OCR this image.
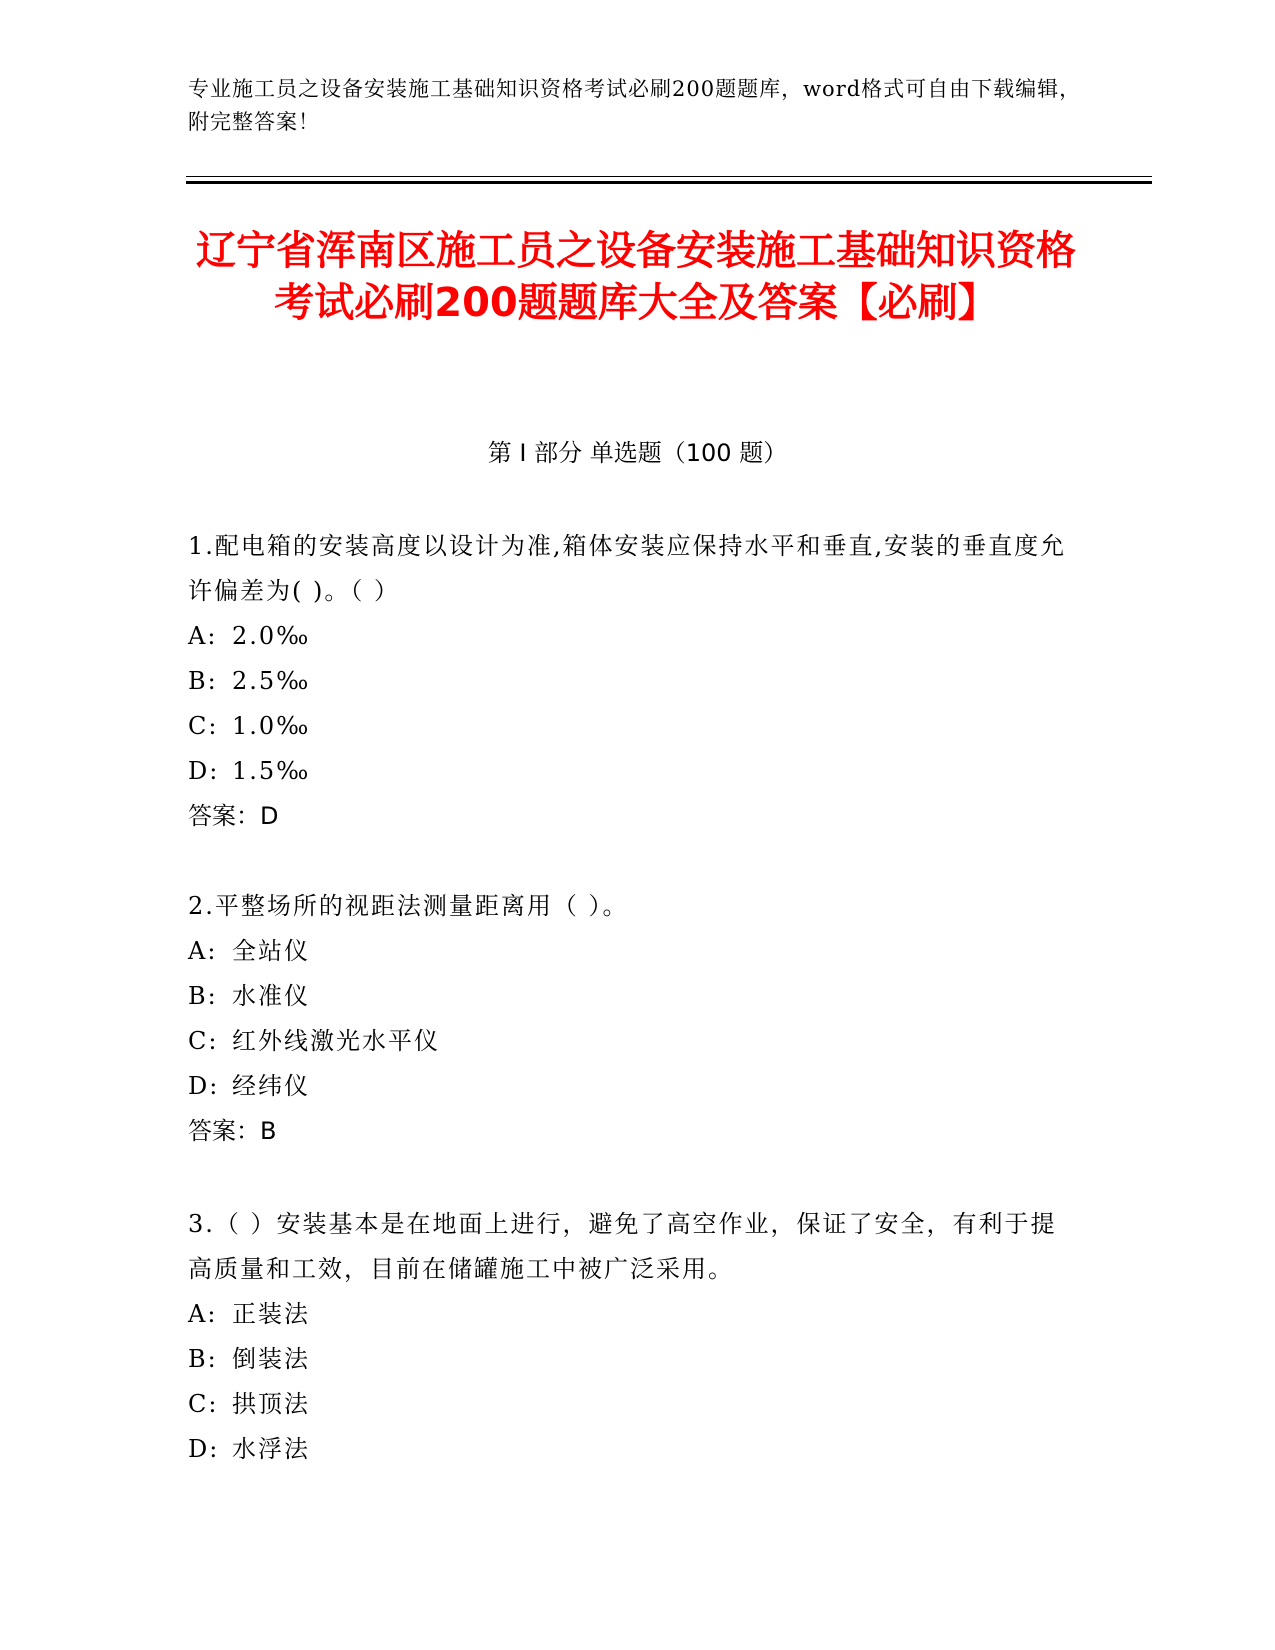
专业施工员之设备安装施工基础知识资格考试必刷200题题库，word格式可自由下载编辑，附完整答案！
辽宁省浑南区施工员之设备安装施工基础知识资格考试必刷200题题库大全及答案【必刷】
第 I 部分 单选题（100 题）
1.配电箱的安装高度以设计为准,箱体安装应保持水平和垂直,安装的垂直度允许偏差为( )。（ ）
A: 2.0‰
B: 2.5‰
C: 1.0‰
D: 1.5‰
答案：D
2.平整场所的视距法测量距离用（ ）。
A: 全站仪
B: 水准仪
C: 红外线激光水平仪
D: 经纬仪
答案：B
3.（ ）安装基本是在地面上进行，避免了高空作业，保证了安全，有利于提高质量和工效，目前在储罐施工中被广泛采用。
A: 正装法
B: 倒装法
C: 拱顶法
D: 水浮法
